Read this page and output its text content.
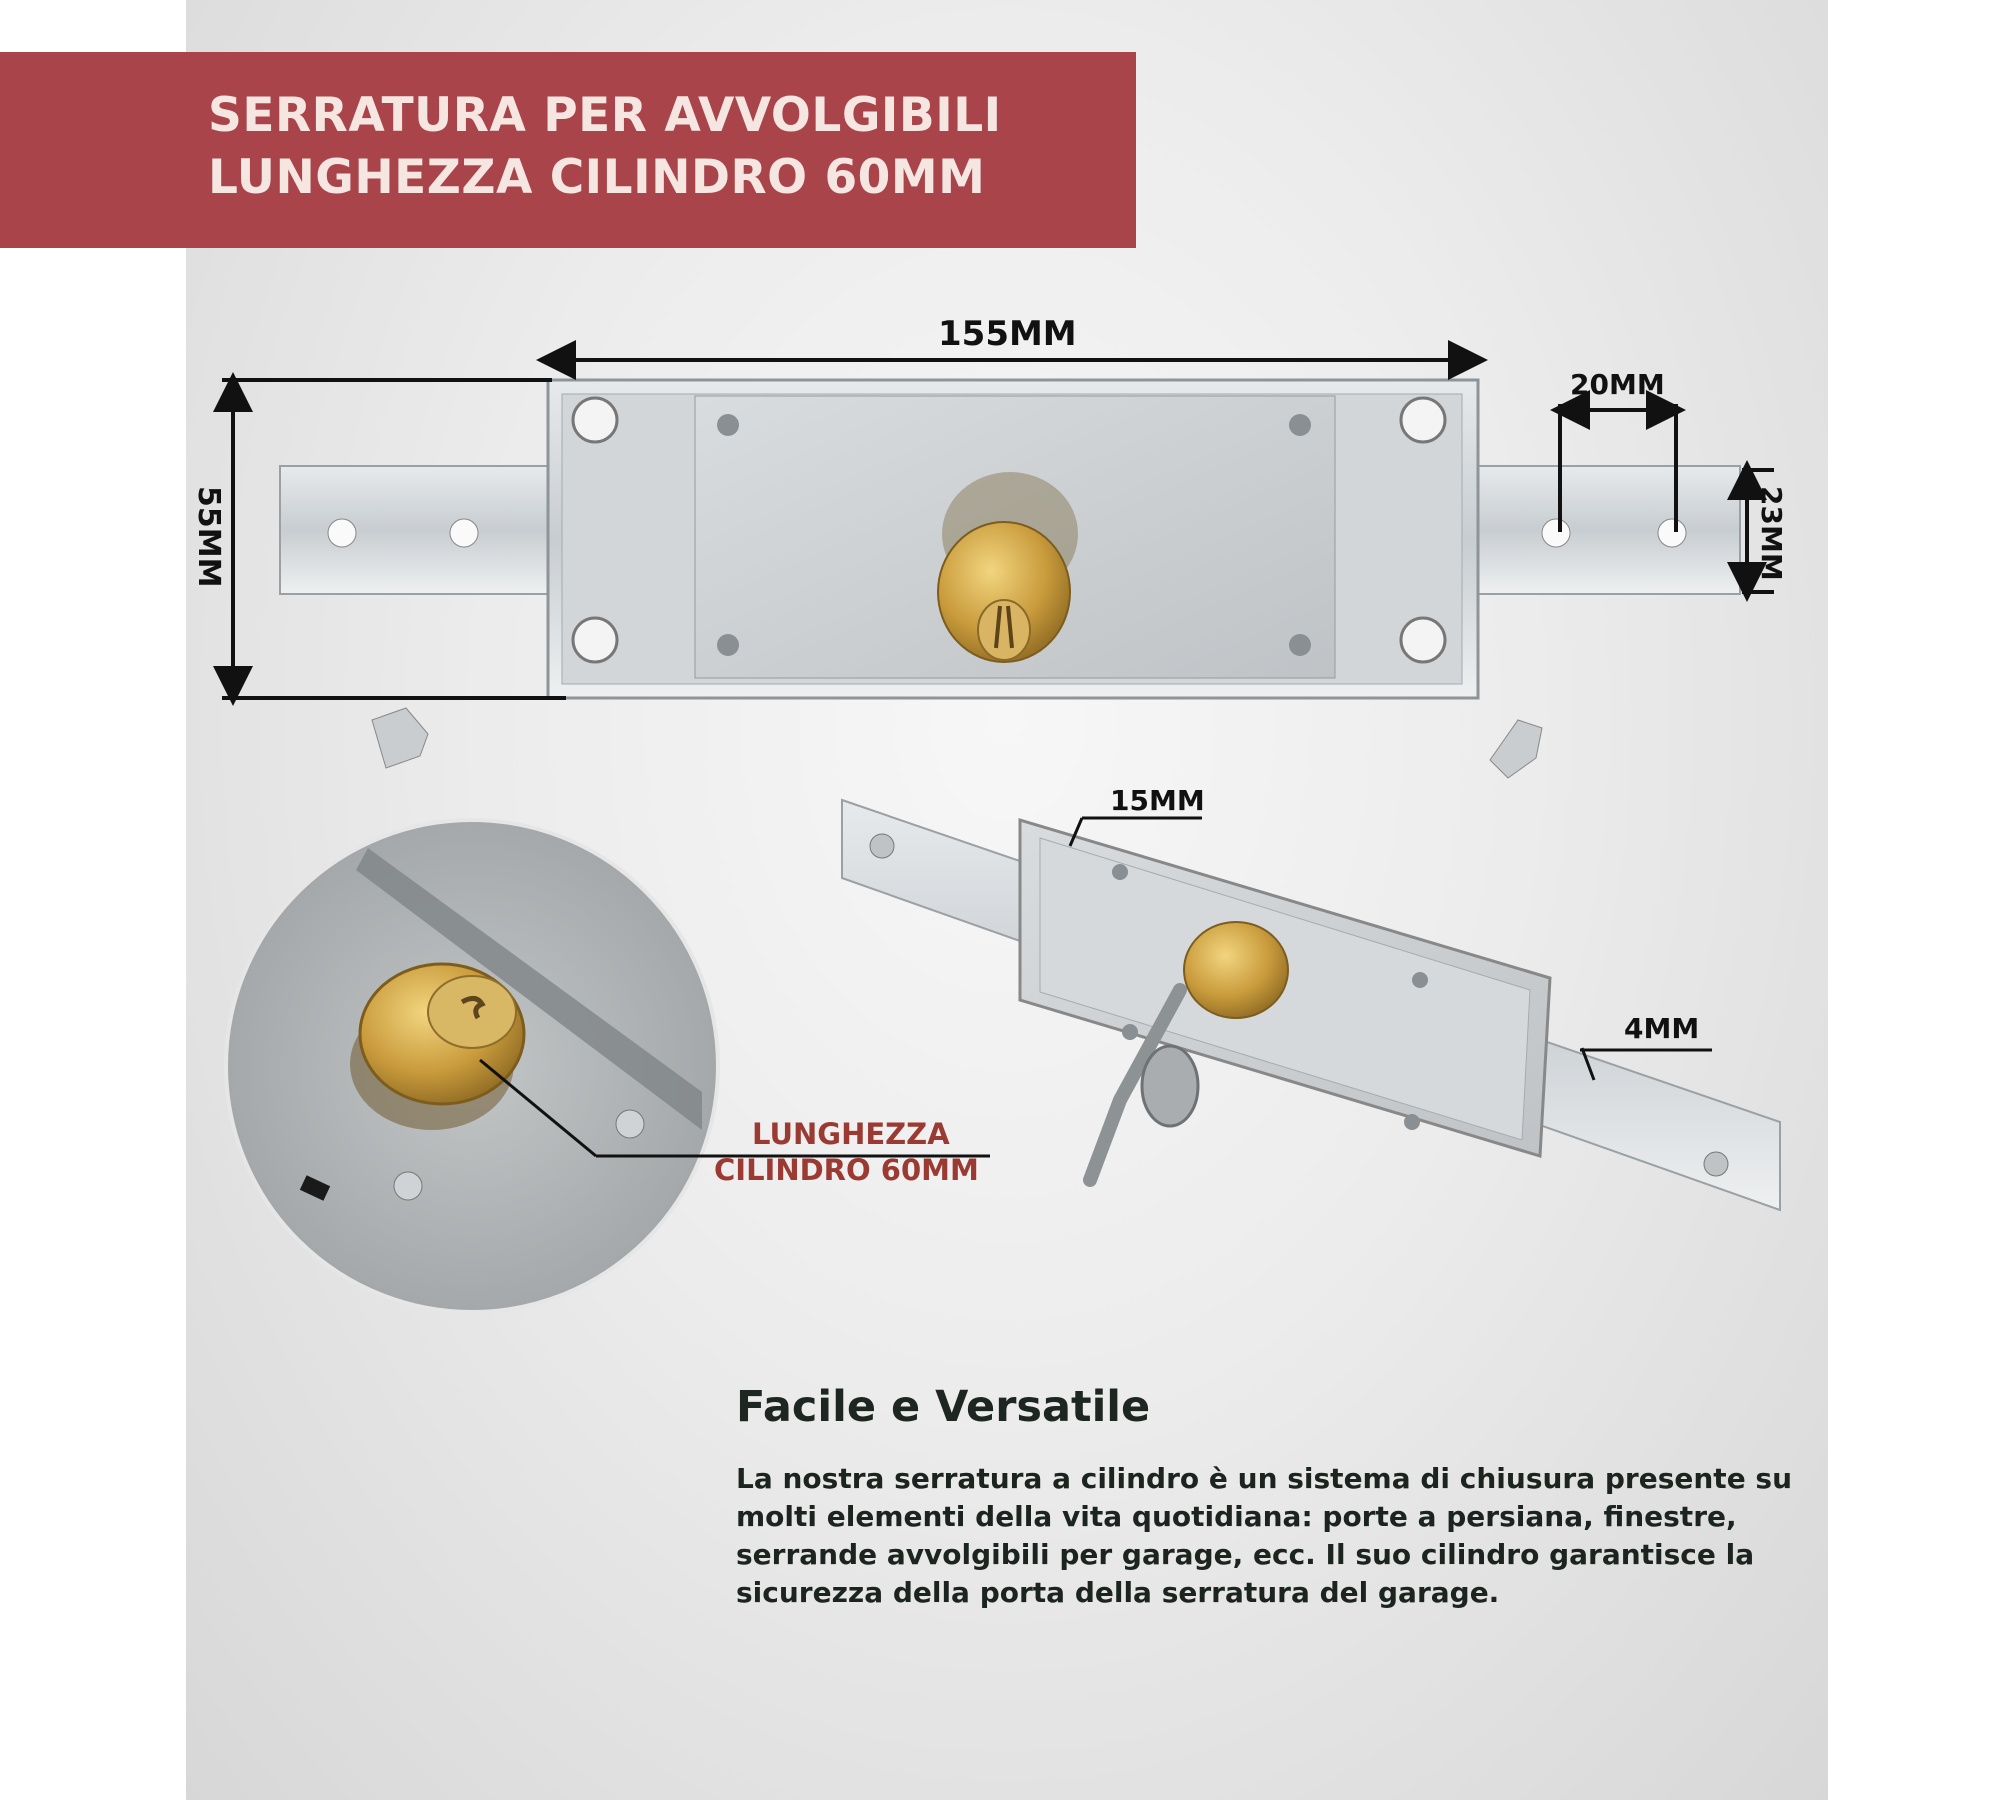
SERRATURA PER AVVOLGIBILI
LUNGHEZZA CILINDRO 60MM
155MM
55MM
20MM
23MM
15MM
4MM
LUNGHEZZA
CILINDRO 60MM
Facile e Versatile
La nostra serratura a cilindro è un sistema di chiusura presente su molti elementi della vita quotidiana: porte a persiana, finestre, serrande avvolgibili per garage, ecc. Il suo cilindro garantisce la sicurezza della porta della serratura del garage.
